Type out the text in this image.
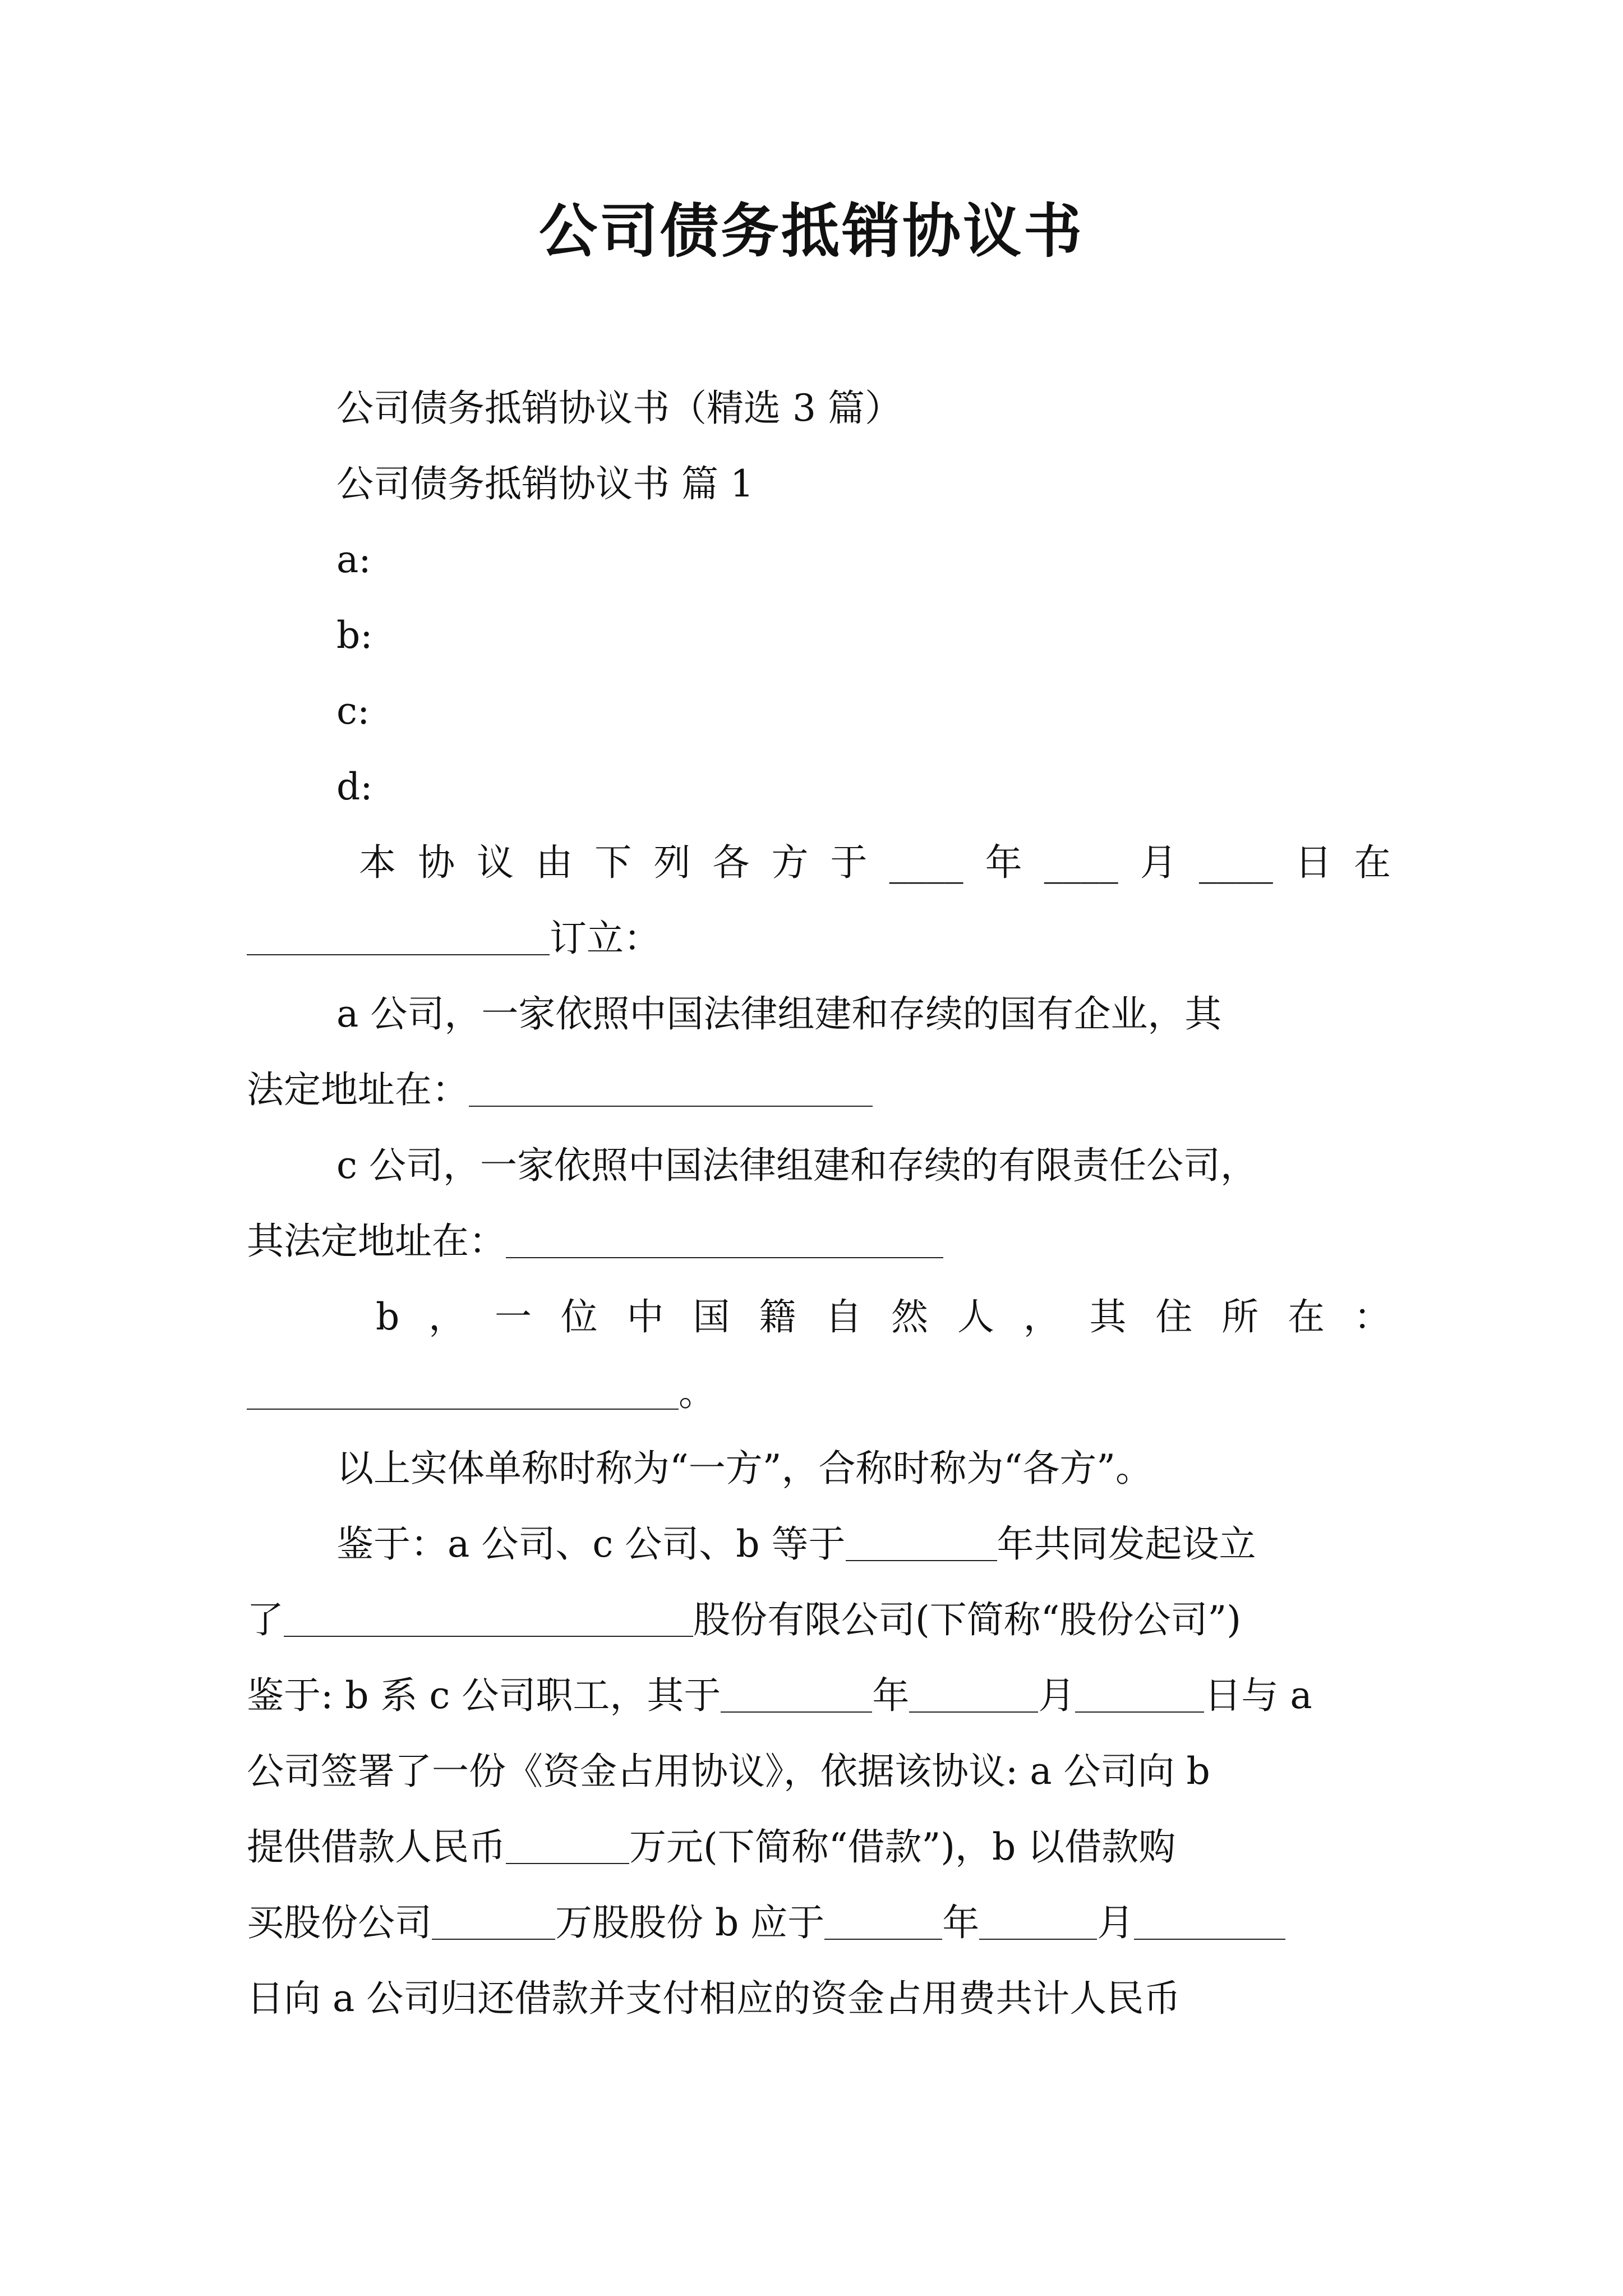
公司债务抵销协议书
公司债务抵销协议书（精选 3 篇）
公司债务抵销协议书 篇 1
a:
b:
c:
d:
本 协 议 由 下 列 各 方 于 ____ 年 ____ 月 ____ 日 在
订立：
a 公司，一家依照中国法律组建和存续的国有企业，其
法定地址在：
c 公司，一家依照中国法律组建和存续的有限责任公司，
其法定地址在：
b ， 一 位 中 国 籍 自 然 人 ， 其 住 所 在 ：
。
以上实体单称时称为“一方”，合称时称为“各方”。
鉴于：a 公司、c 公司、b 等于	年共同发起设立
了	股份有限公司(下简称“股份公司”)
鉴于: b 系 c 公司职工，其于	年	月	日与 a
公司签署了一份《资金占用协议》，依据该协议: a 公司向 b
提供借款人民币	万元(下简称“借款”)，b 以借款购
买股份公司	万股股份 b 应于	年	月
日向 a 公司归还借款并支付相应的资金占用费共计人民币
